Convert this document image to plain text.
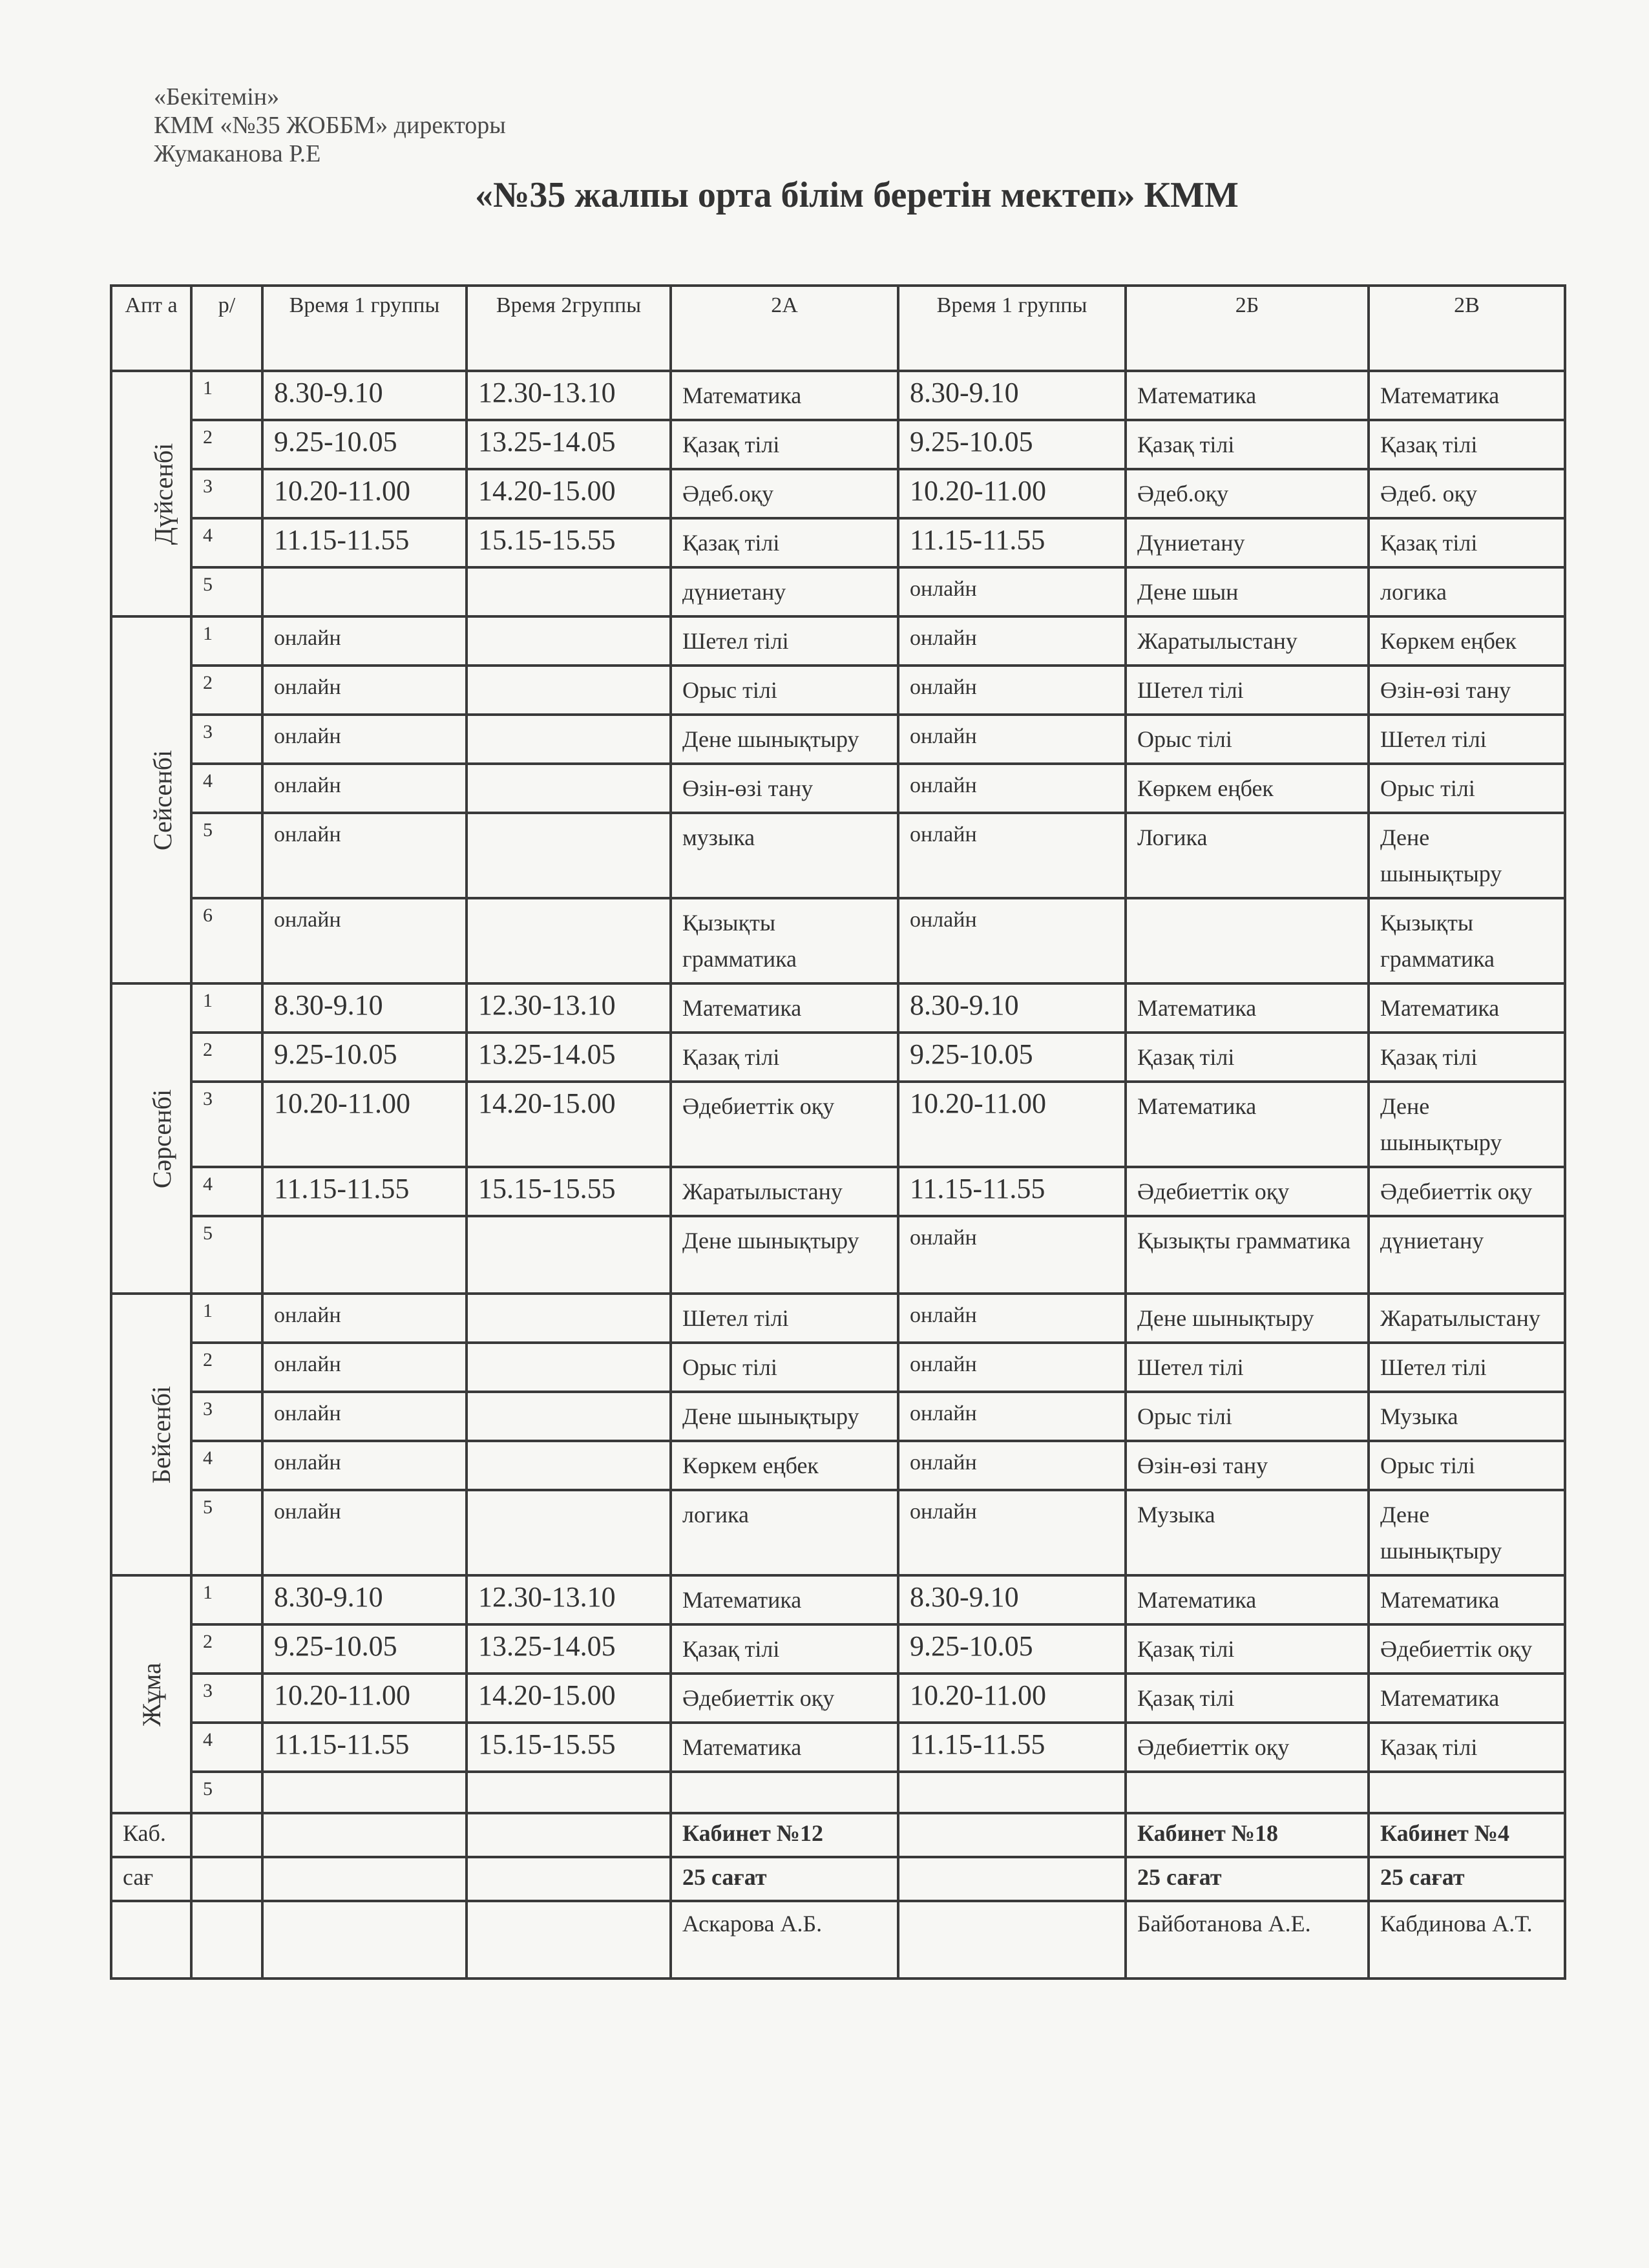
«Бекітемін»
КММ «№35 ЖОББМ» директоры
Жумаканова Р.Е
«№35 жалпы орта білім беретін мектеп» КММ
Апт а	р/	Время 1 группы	Время 2группы	2А	Время 1 группы	2Б	2В
Дүйсенбі	1	8.30-9.10	12.30-13.10	Математика	8.30-9.10	Математика	Математика
	2	9.25-10.05	13.25-14.05	Қазақ тілі	9.25-10.05	Қазақ тілі	Қазақ тілі
	3	10.20-11.00	14.20-15.00	Әдеб.оқу	10.20-11.00	Әдеб.оқу	Әдеб. оқу
	4	11.15-11.55	15.15-15.55	Қазақ тілі	11.15-11.55	Дүниетану	Қазақ тілі
	5			дүниетану	онлайн	Дене шын	логика
Сейсенбі	1	онлайн		Шетел тілі	онлайн	Жаратылыстану	Көркем еңбек
	2	онлайн		Орыс тілі	онлайн	Шетел тілі	Өзін-өзі тану
	3	онлайн		Дене шынықтыру	онлайн	Орыс тілі	Шетел тілі
	4	онлайн		Өзін-өзі тану	онлайн	Көркем еңбек	Орыс тілі
	5	онлайн		музыка	онлайн	Логика	Дене шынықтыру
	6	онлайн		Қызықты грамматика	онлайн		Қызықты грамматика
Сәрсенбі	1	8.30-9.10	12.30-13.10	Математика	8.30-9.10	Математика	Математика
	2	9.25-10.05	13.25-14.05	Қазақ тілі	9.25-10.05	Қазақ тілі	Қазақ тілі
	3	10.20-11.00	14.20-15.00	Әдебиеттік оқу	10.20-11.00	Математика	Дене шынықтыру
	4	11.15-11.55	15.15-15.55	Жаратылыстану	11.15-11.55	Әдебиеттік оқу	Әдебиеттік оқу
	5			Дене шынықтыру	онлайн	Қызықты грамматика	дүниетану
Бейсенбі	1	онлайн		Шетел тілі	онлайн	Дене шынықтыру	Жаратылыстану
	2	онлайн		Орыс тілі	онлайн	Шетел тілі	Шетел тілі
	3	онлайн		Дене шынықтыру	онлайн	Орыс тілі	Музыка
	4	онлайн		Көркем еңбек	онлайн	Өзін-өзі тану	Орыс тілі
	5	онлайн		логика	онлайн	Музыка	Дене шынықтыру
Жұма	1	8.30-9.10	12.30-13.10	Математика	8.30-9.10	Математика	Математика
	2	9.25-10.05	13.25-14.05	Қазақ тілі	9.25-10.05	Қазақ тілі	Әдебиеттік оқу
	3	10.20-11.00	14.20-15.00	Әдебиеттік оқу	10.20-11.00	Қазақ тілі	Математика
	4	11.15-11.55	15.15-15.55	Математика	11.15-11.55	Әдебиеттік оқу	Қазақ тілі
	5						
Каб.				Кабинет №12		Кабинет №18	Кабинет №4
сағ				25 сағат		25 сағат	25 сағат
				Аскарова А.Б.		Байботанова А.Е.	Кабдинова А.Т.
